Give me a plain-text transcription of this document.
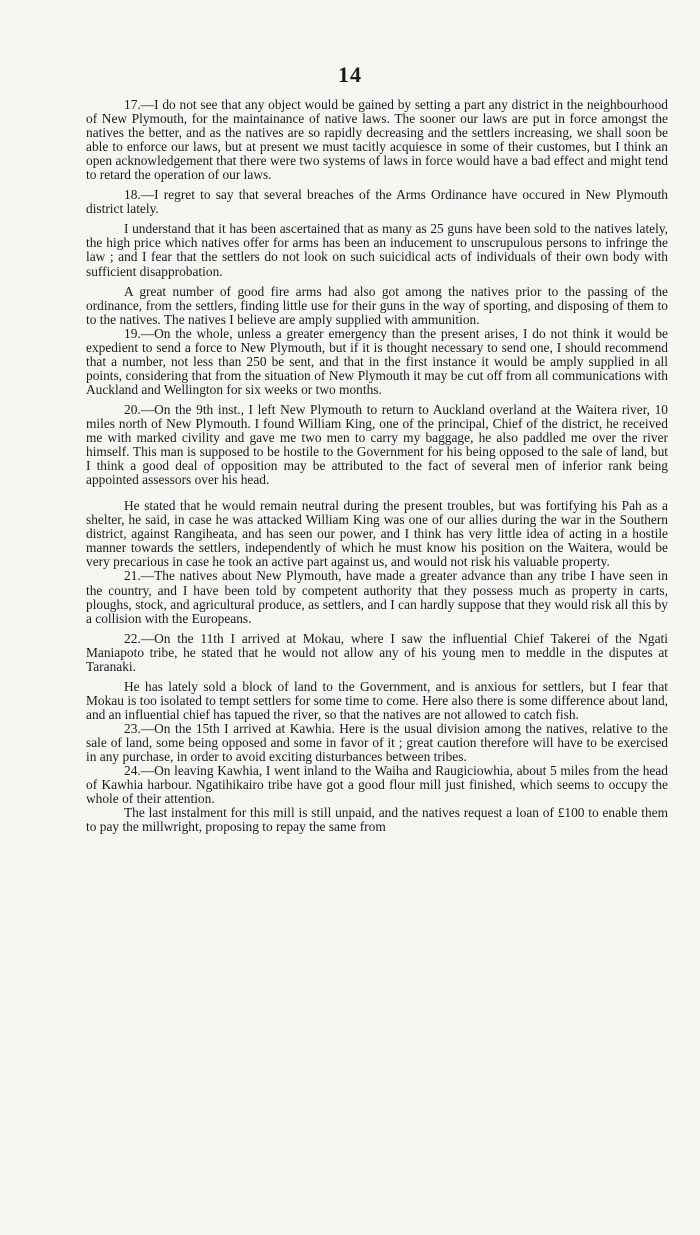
14

17.—I do not see that any object would be gained by setting a part any district in the neighbourhood of New Plymouth, for the maintainance of native laws. The sooner our laws are put in force amongst the natives the better, and as the natives are so rapidly decreasing and the settlers increasing, we shall soon be able to enforce our laws, but at present we must tacitly acquiesce in some of their customes, but I think an open acknowledgement that there were two systems of laws in force would have a bad effect and might tend to retard the operation of our laws.

18.—I regret to say that several breaches of the Arms Ordinance have occured in New Plymouth district lately.

I understand that it has been ascertained that as many as 25 guns have been sold to the natives lately, the high price which natives offer for arms has been an inducement to unscrupulous persons to infringe the law ; and I fear that the settlers do not look on such suicidical acts of individuals of their own body with sufficient disapprobation.

A great number of good fire arms had also got among the natives prior to the passing of the ordinance, from the settlers, finding little use for their guns in the way of sporting, and disposing of them to to the natives. The natives I believe are amply supplied with ammunition.

19.—On the whole, unless a greater emergency than the present arises, I do not think it would be expedient to send a force to New Plymouth, but if it is thought necessary to send one, I should recommend that a number, not less than 250 be sent, and that in the first instance it would be amply supplied in all points, considering that from the situation of New Plymouth it may be cut off from all communications with Auckland and Wellington for six weeks or two months.

20.—On the 9th inst., I left New Plymouth to return to Auckland overland at the Waitera river, 10 miles north of New Plymouth. I found William King, one of the principal, Chief of the district, he received me with marked civility and gave me two men to carry my baggage, he also paddled me over the river himself. This man is supposed to be hostile to the Government for his being opposed to the sale of land, but I think a good deal of opposition may be attributed to the fact of several men of inferior rank being appointed assessors over his head.

He stated that he would remain neutral during the present troubles, but was fortifying his Pah as a shelter, he said, in case he was attacked William King was one of our allies during the war in the Southern district, against Rangiheata, and has seen our power, and I think has very little idea of acting in a hostile manner towards the settlers, independently of which he must know his position on the Waitera, would be very precarious in case he took an active part against us, and would not risk his valuable property.

21.—The natives about New Plymouth, have made a greater advance than any tribe I have seen in the country, and I have been told by competent authority that they possess much as property in carts, ploughs, stock, and agricultural produce, as settlers, and I can hardly suppose that they would risk all this by a collision with the Europeans.

22.—On the 11th I arrived at Mokau, where I saw the influential Chief Takerei of the Ngati Maniapoto tribe, he stated that he would not allow any of his young men to meddle in the disputes at Taranaki.

He has lately sold a block of land to the Government, and is anxious for settlers, but I fear that Mokau is too isolated to tempt settlers for some time to come. Here also there is some difference about land, and an influential chief has tapued the river, so that the natives are not allowed to catch fish.

23.—On the 15th I arrived at Kawhia. Here is the usual division among the natives, relative to the sale of land, some being opposed and some in favor of it ; great caution therefore will have to be exercised in any purchase, in order to avoid exciting disturbances between tribes.

24.—On leaving Kawhia, I went inland to the Waiha and Raugiciowhia, about 5 miles from the head of Kawhia harbour. Ngatihikairo tribe have got a good flour mill just finished, which seems to occupy the whole of their attention.

The last instalment for this mill is still unpaid, and the natives request a loan of £100 to enable them to pay the millwright, proposing to repay the same from
